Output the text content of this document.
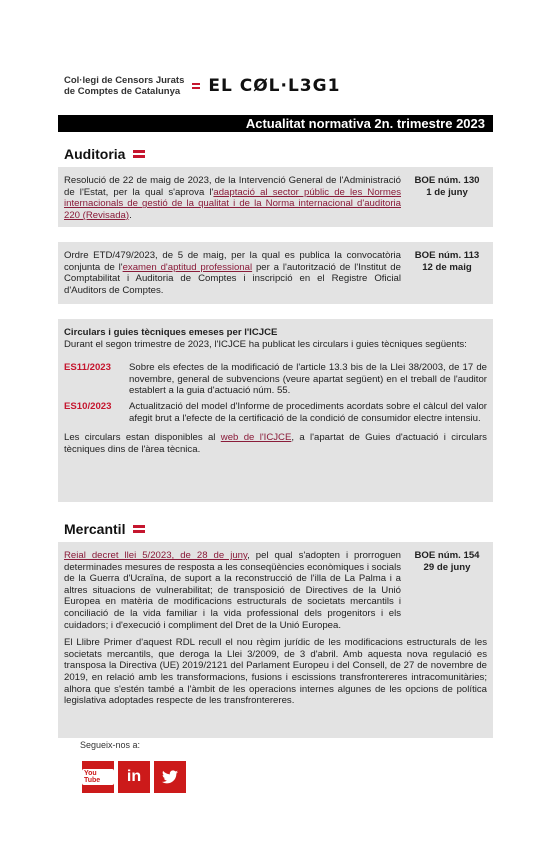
Col·legi de Censors Jurats
de Comptes de Catalunya EL CØL·L3G1
Actualitat normativa 2n. trimestre 2023
Auditoria
Resolució de 22 de maig de 2023, de la Intervenció General de l'Administració de l'Estat, per la qual s'aprova l'adaptació al sector públic de les Normes internacionals de gestió de la qualitat i de la Norma internacional d'auditoria 220 (Revisada).
BOE núm. 130
1 de juny
Ordre ETD/479/2023, de 5 de maig, per la qual es publica la convocatòria conjunta de l'examen d'aptitud professional per a l'autorització de l'Institut de Comptabilitat i Auditoria de Comptes i inscripció en el Registre Oficial d'Auditors de Comptes.
BOE núm. 113
12 de maig
Circulars i guies tècniques emeses per l'ICJCE
Durant el segon trimestre de 2023, l'ICJCE ha publicat les circulars i guies tècniques següents:
ES11/2023	Sobre els efectes de la modificació de l'article 13.3 bis de la Llei 38/2003, de 17 de novembre, general de subvencions (veure apartat següent) en el treball de l'auditor establert a la guia d'actuació núm. 55.
ES10/2023	Actualització del model d'Informe de procediments acordats sobre el càlcul del valor afegit brut a l'efecte de la certificació de la condició de consumidor electre intensiu.
Les circulars estan disponibles al web de l'ICJCE, a l'apartat de Guies d'actuació i circulars tècniques dins de l'àrea tècnica.
Mercantil
Reial decret llei 5/2023, de 28 de juny, pel qual s'adopten i prorroguen determinades mesures de resposta a les conseqüències econòmiques i socials de la Guerra d'Ucraïna, de suport a la reconstrucció de l'illa de La Palma i a altres situacions de vulnerabilitat; de transposició de Directives de la Unió Europea en matèria de modificacions estructurals de societats mercantils i conciliació de la vida familiar i la vida professional dels progenitors i els cuidadors; i d'execució i compliment del Dret de la Unió Europea.
BOE núm. 154
29 de juny
El Llibre Primer d'aquest RDL recull el nou règim jurídic de les modificacions estructurals de les societats mercantils, que deroga la Llei 3/2009, de 3 d'abril. Amb aquesta nova regulació es transposa la Directiva (UE) 2019/2121 del Parlament Europeu i del Consell, de 27 de novembre de 2019, en relació amb les transformacions, fusions i escissions transfrontereres intracomunitàries; alhora que s'estén també a l'àmbit de les operacions internes algunes de les opcions de política legislativa adoptades respecte de les transfrontereres.
Segueix-nos a:
You Tube	in
